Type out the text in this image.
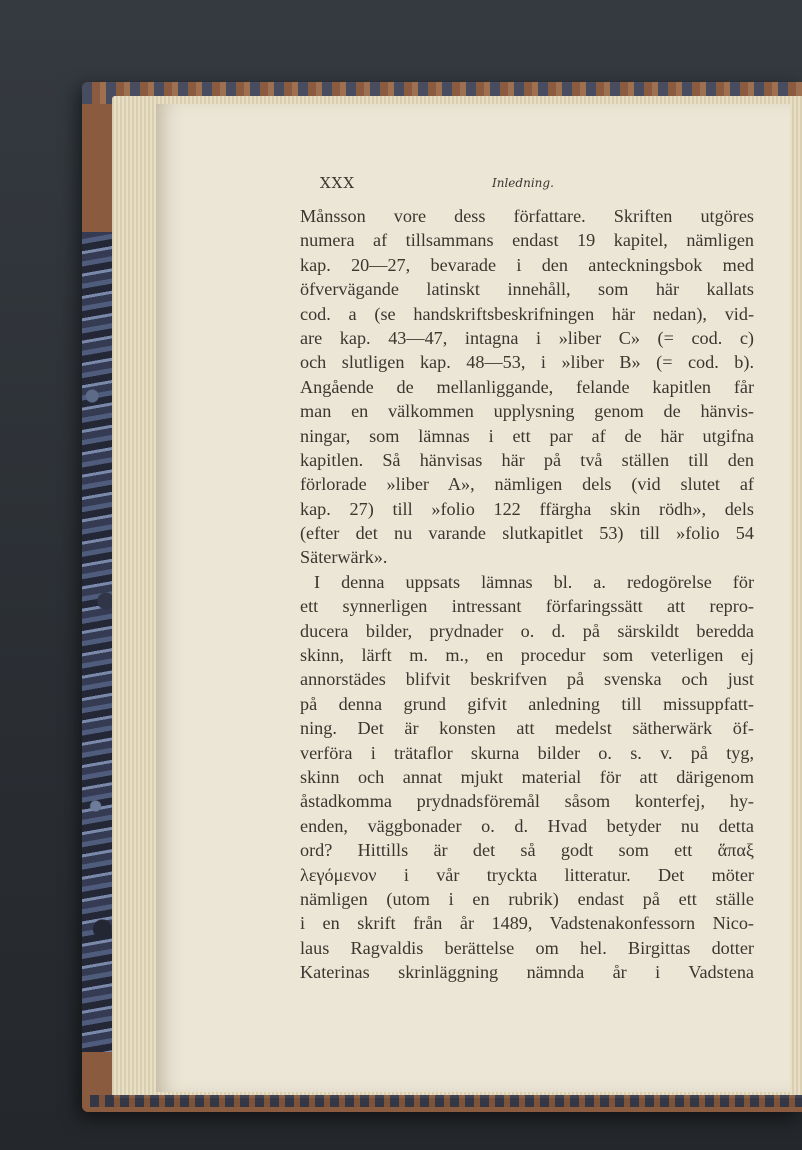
XXX	Inledning.
Månsson vore dess författare. Skriften utgöres
numera af tillsammans endast 19 kapitel, nämligen
kap. 20—27, bevarade i den anteckningsbok med
öfvervägande latinskt innehåll, som här kallats
cod. a (se handskriftsbeskrifningen här nedan), vid-
are kap. 43—47, intagna i »liber C» (= cod. c)
och slutligen kap. 48—53, i »liber B» (= cod. b).
Angående de mellanliggande, felande kapitlen får
man en välkommen upplysning genom de hänvis-
ningar, som lämnas i ett par af de här utgifna
kapitlen. Så hänvisas här på två ställen till den
förlorade »liber A», nämligen dels (vid slutet af
kap. 27) till »folio 122 ffärgha skin rödh», dels
(efter det nu varande slutkapitlet 53) till »folio 54
Säterwärk».
I denna uppsats lämnas bl. a. redogörelse för
ett synnerligen intressant förfaringssätt att repro-
ducera bilder, prydnader o. d. på särskildt beredda
skinn, lärft m. m., en procedur som veterligen ej
annorstädes blifvit beskrifven på svenska och just
på denna grund gifvit anledning till missuppfatt-
ning. Det är konsten att medelst sätherwärk öf-
verföra i trätaflor skurna bilder o. s. v. på tyg,
skinn och annat mjukt material för att därigenom
åstadkomma prydnadsföremål såsom konterfej, hy-
enden, väggbonader o. d. Hvad betyder nu detta
ord? Hittills är det så godt som ett ἅπαξ
λεγόμενον i vår tryckta litteratur. Det möter
nämligen (utom i en rubrik) endast på ett ställe
i en skrift från år 1489, Vadstenakonfessorn Nico-
laus Ragvaldis berättelse om hel. Birgittas dotter
Katerinas skrinläggning nämnda år i Vadstena
